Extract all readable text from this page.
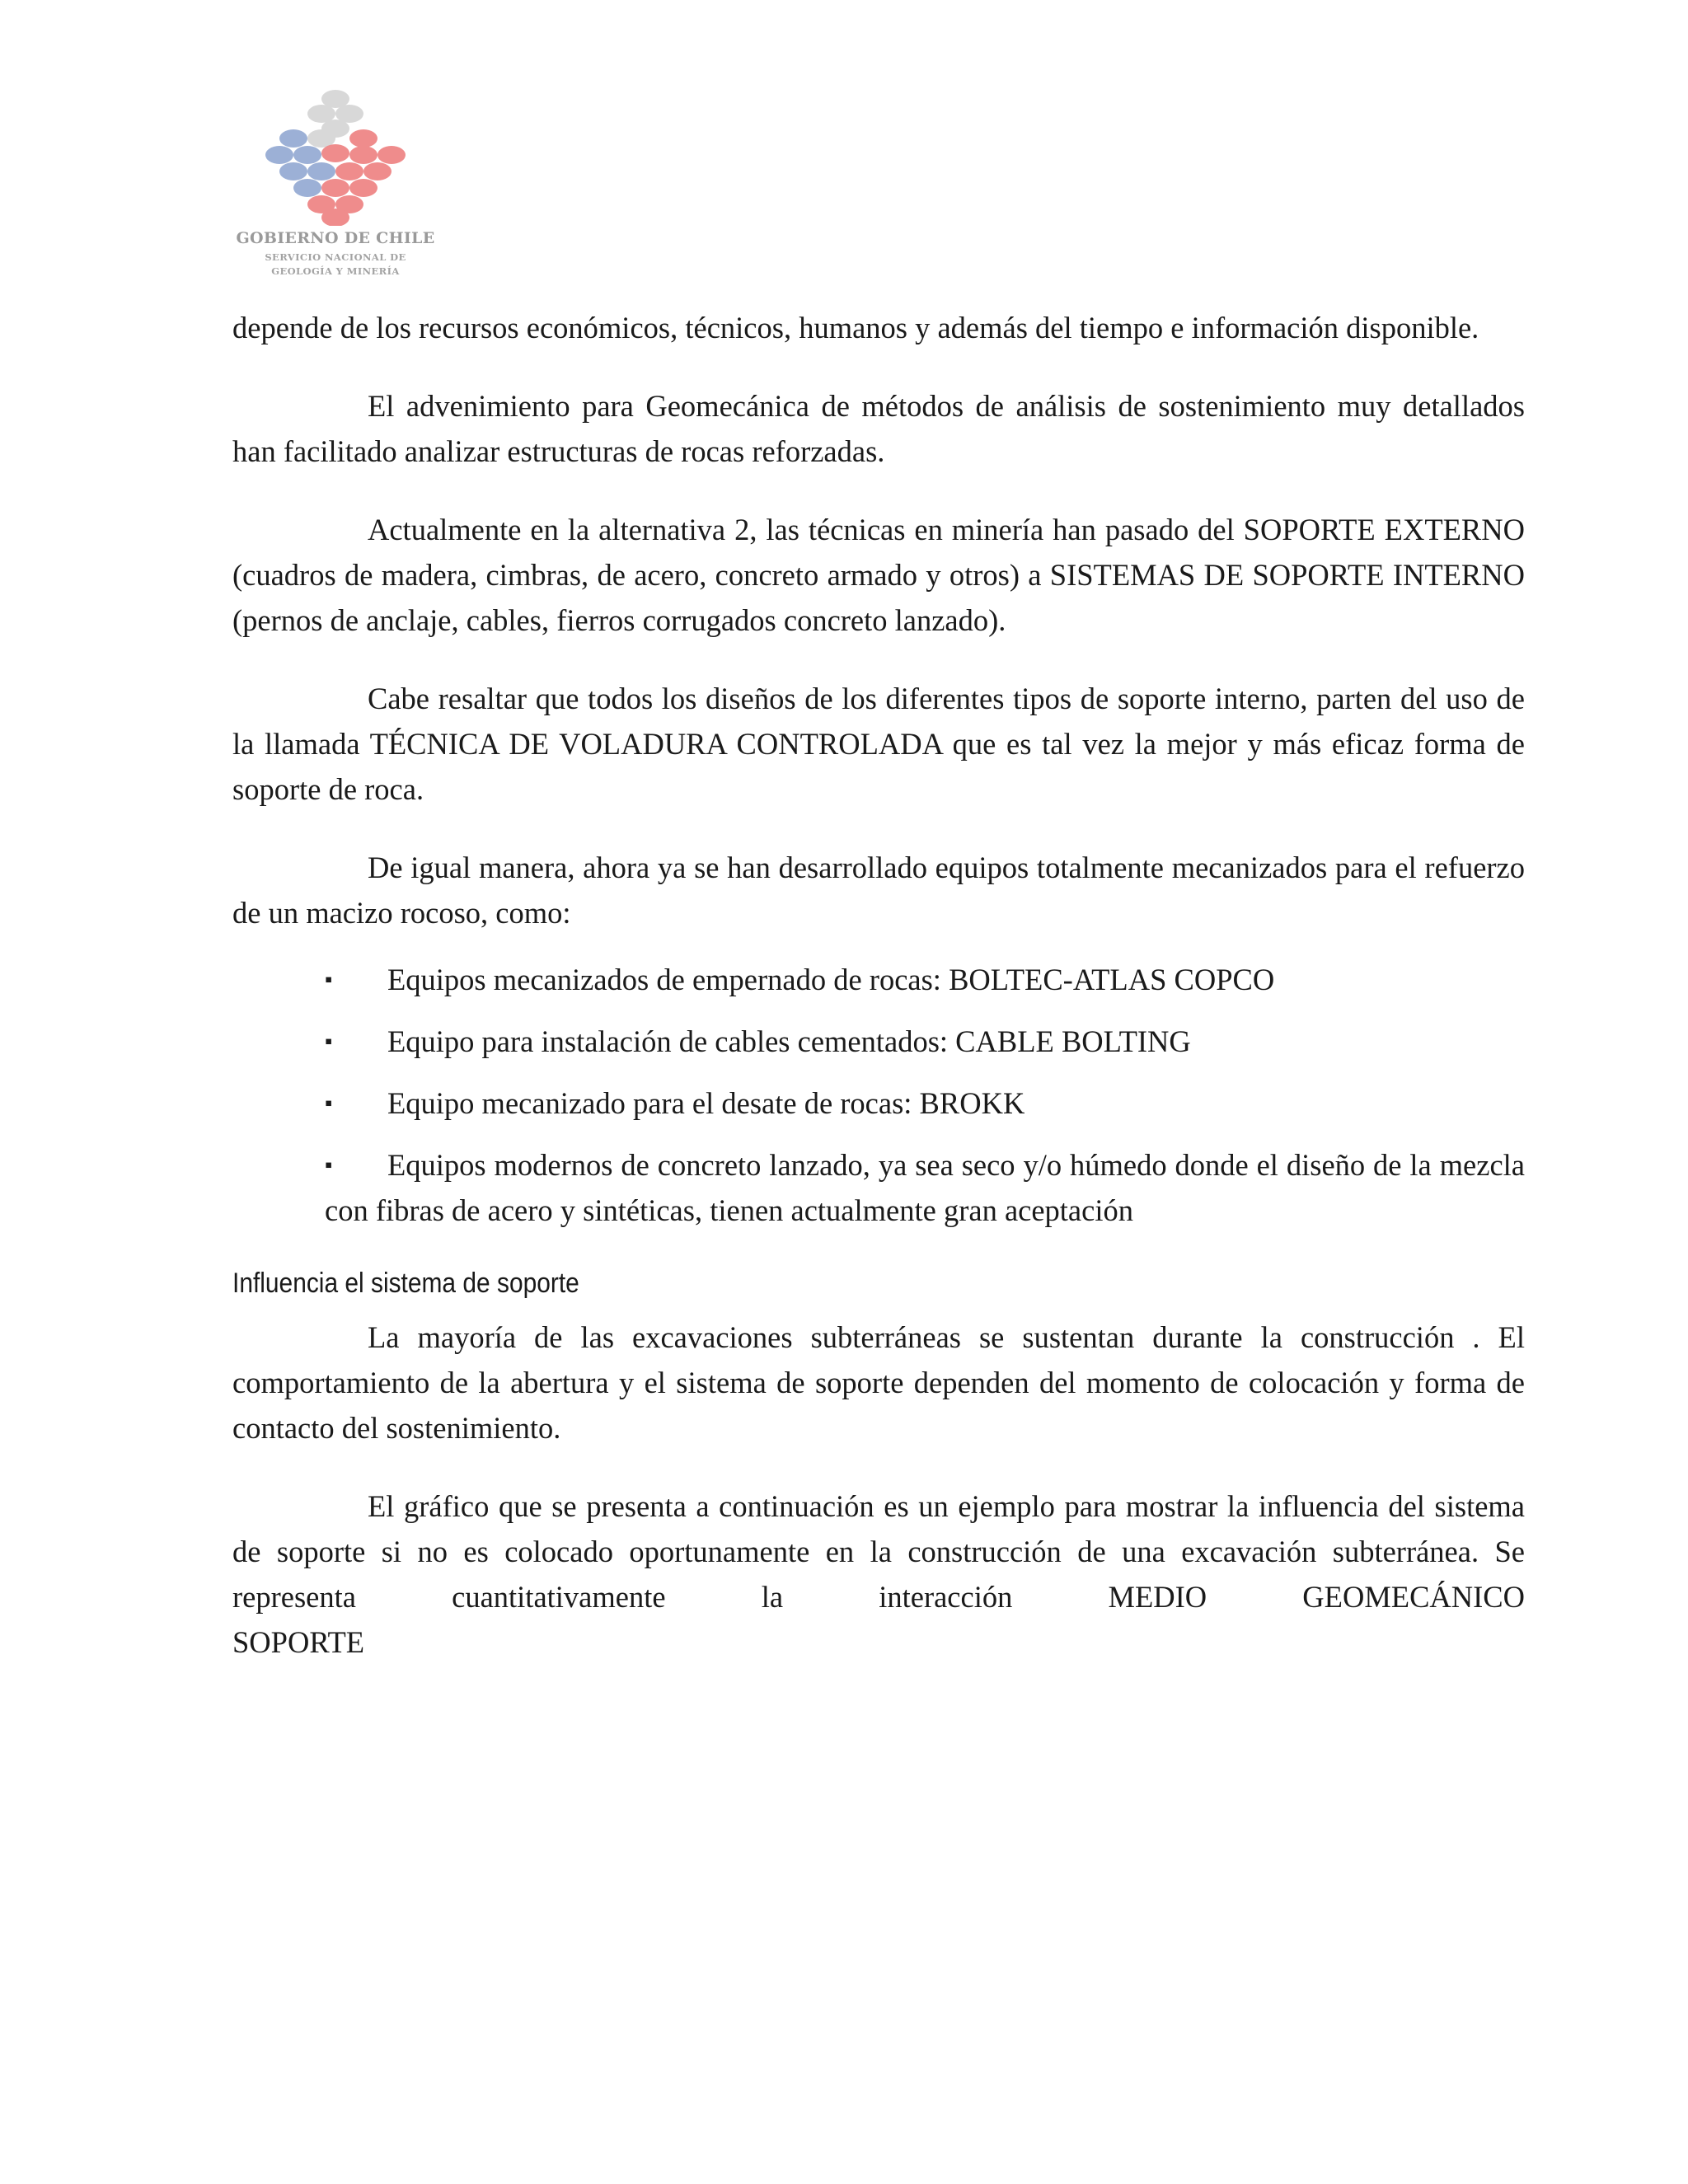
GOBIERNO DE CHILE
SERVICIO NACIONAL DE
GEOLOGÍA Y MINERÍA

depende de los recursos económicos, técnicos, humanos y además del tiempo e información disponible.

El advenimiento para Geomecánica de métodos de análisis de sostenimiento muy detallados han facilitado analizar estructuras de rocas reforzadas.

Actualmente en la alternativa 2, las técnicas en minería han pasado del SOPORTE EXTERNO (cuadros de madera, cimbras, de acero, concreto armado y otros) a SISTEMAS DE SOPORTE INTERNO (pernos de anclaje, cables, fierros corrugados concreto lanzado).

Cabe resaltar que todos los diseños de los diferentes tipos de soporte interno, parten del uso de la llamada TÉCNICA DE VOLADURA CONTROLADA que es tal vez la mejor y más eficaz forma de soporte de roca.

De igual manera, ahora ya se han desarrollado equipos totalmente mecanizados para el refuerzo de un macizo rocoso, como:

▪	Equipos mecanizados de empernado de rocas: BOLTEC-ATLAS COPCO
▪	Equipo para instalación de cables cementados: CABLE BOLTING
▪	Equipo mecanizado para el desate de rocas: BROKK
▪	Equipos modernos de concreto lanzado, ya sea seco y/o húmedo donde el diseño de la mezcla con fibras de acero y sintéticas, tienen actualmente gran aceptación
Influencia el sistema de soporte

La mayoría de las excavaciones subterráneas se sustentan durante la construcción . El comportamiento de la abertura y el sistema de soporte dependen del momento de colocación y forma de contacto del sostenimiento.

El gráfico que se presenta a continuación es un ejemplo para mostrar la influencia del sistema de soporte si no es colocado oportunamente en la construcción de una excavación subterránea. Se representa cuantitativamente la interacción MEDIO GEOMECÁNICO

SOPORTE
